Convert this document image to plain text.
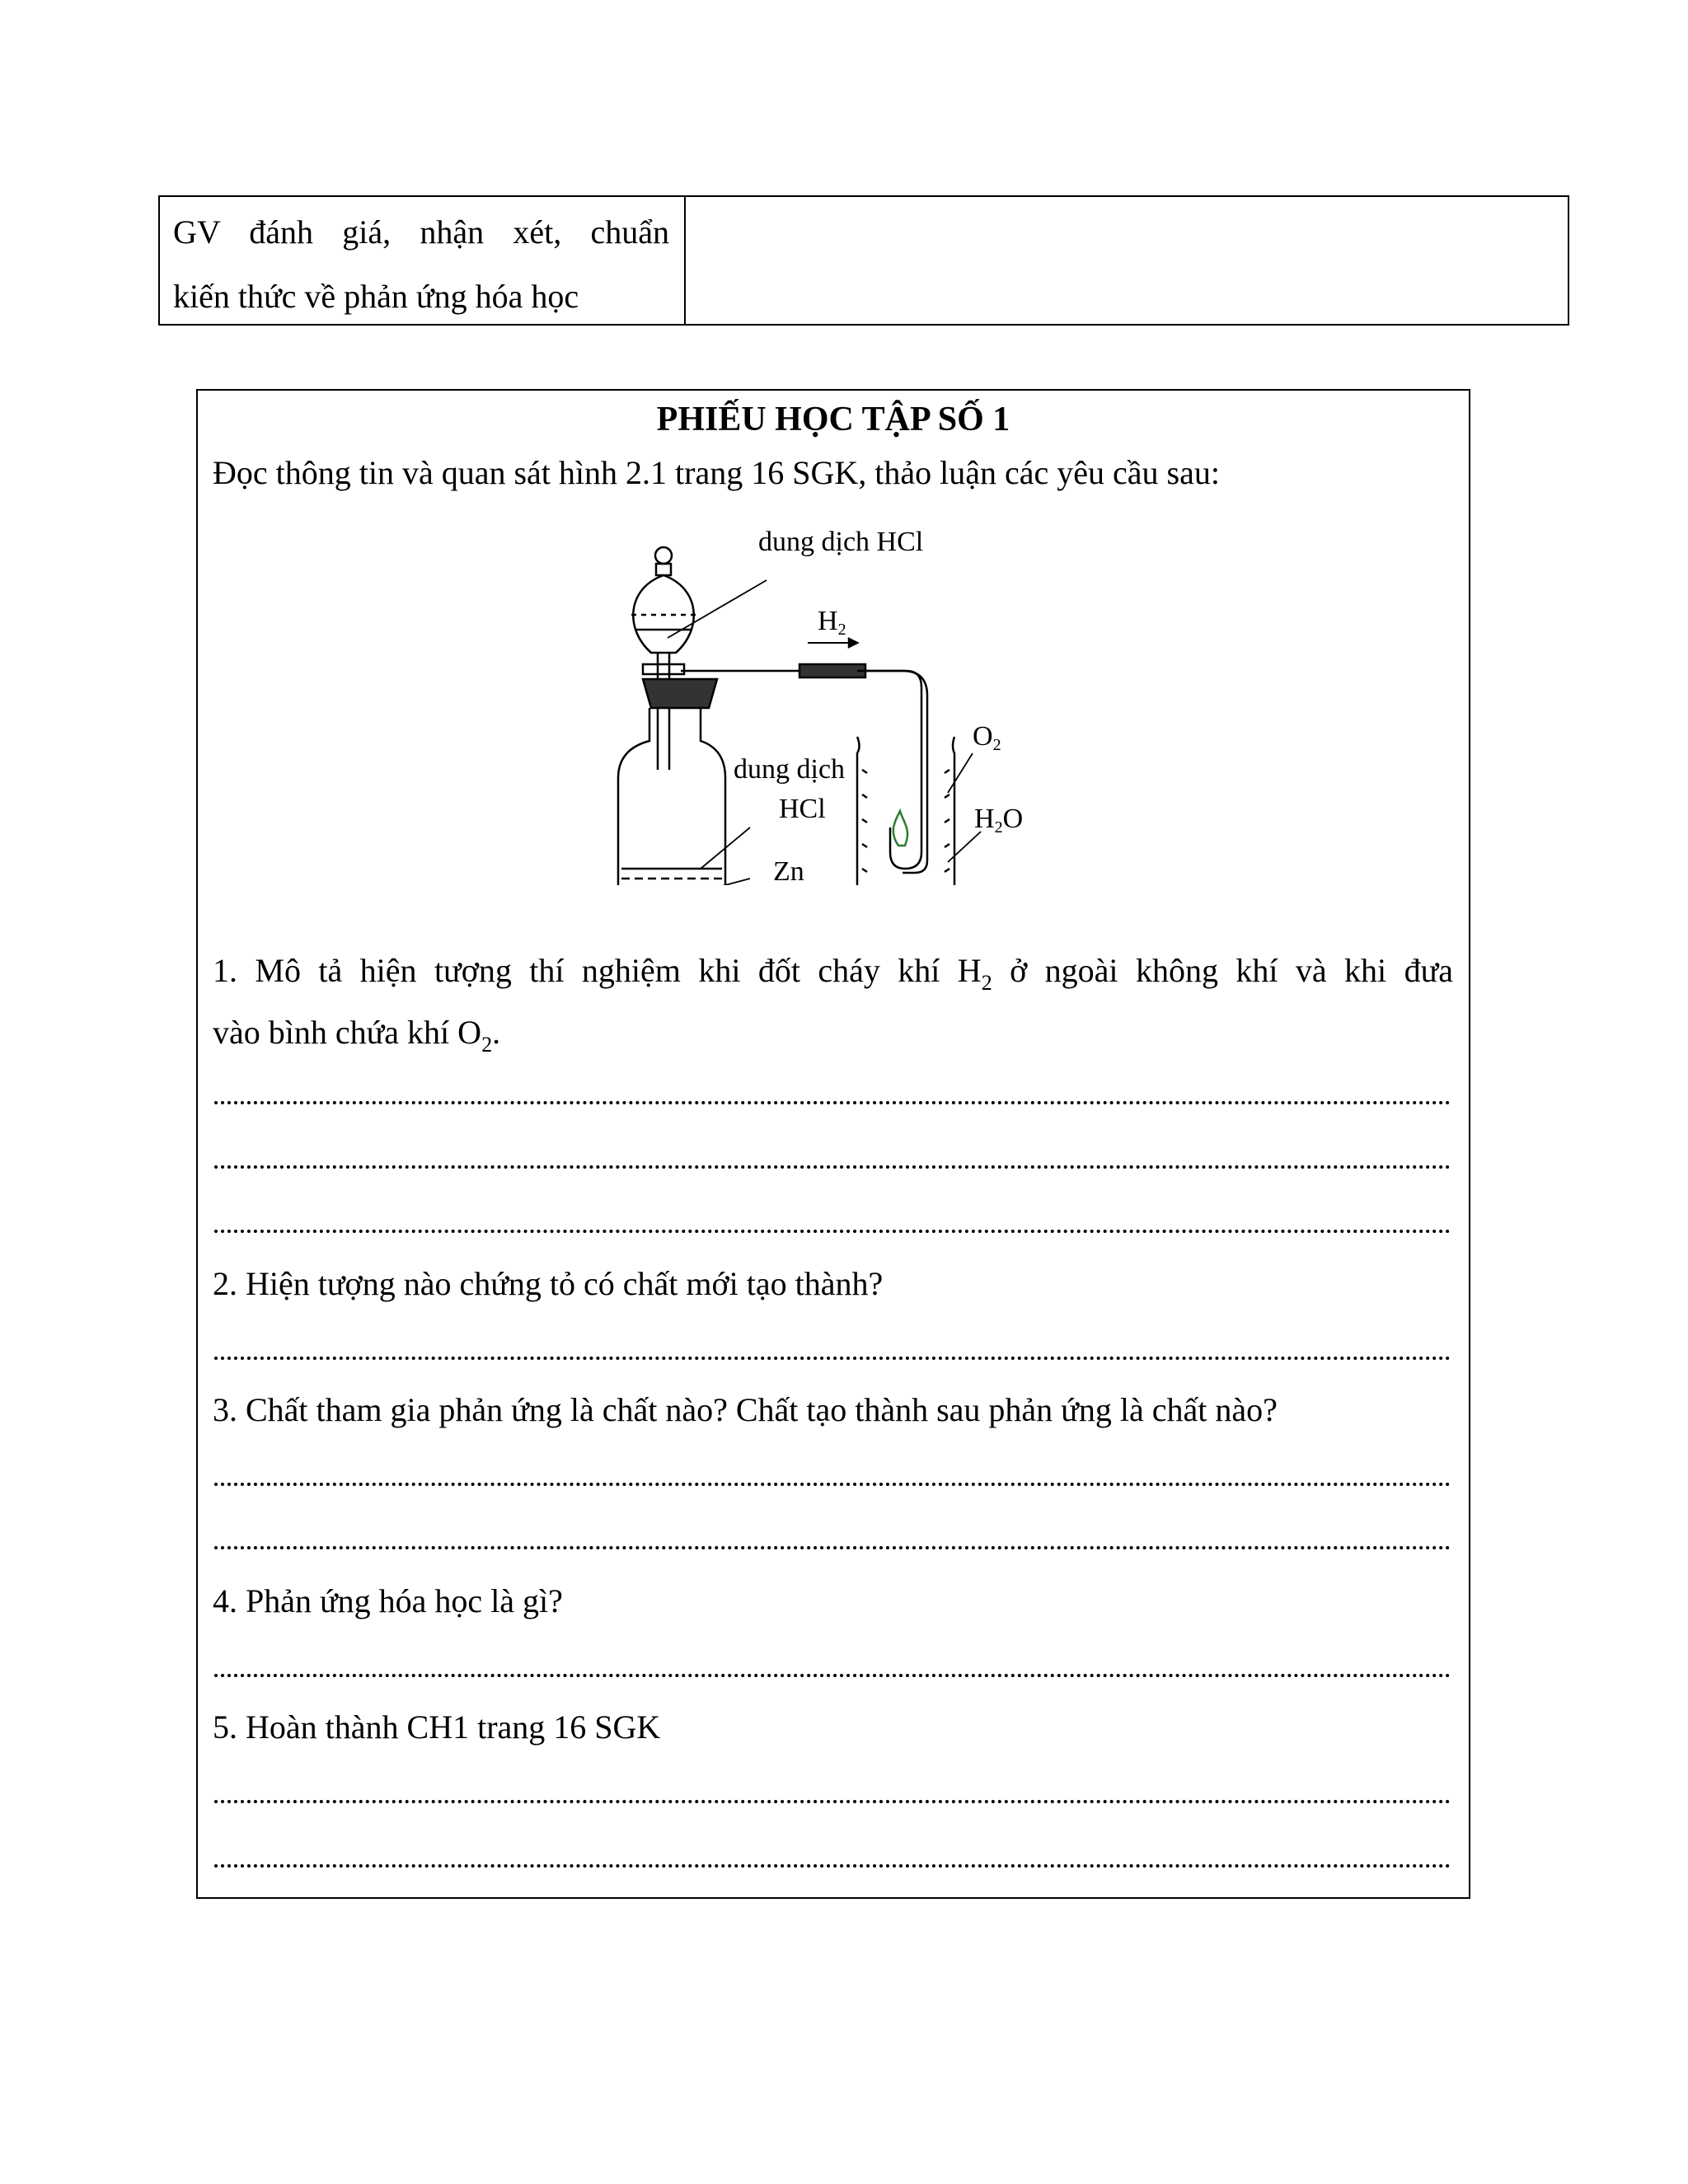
GV đánh giá, nhận xét, chuẩn
kiến thức về phản ứng hóa học
PHIẾU HỌC TẬP SỐ 1
Đọc thông tin và quan sát hình 2.1 trang 16 SGK, thảo luận các yêu cầu sau:
dung dịch HCl
H2
dung dịch
HCl
Zn
O2
H2O
1. Mô tả hiện tượng thí nghiệm khi đốt cháy khí $H_2$ ở ngoài không khí và khi đưa
vào bình chứa khí $O_2$.
2. Hiện tượng nào chứng tỏ có chất mới tạo thành?
3. Chất tham gia phản ứng là chất nào? Chất tạo thành sau phản ứng là chất nào?
4. Phản ứng hóa học là gì?
5. Hoàn thành CH1 trang 16 SGK
